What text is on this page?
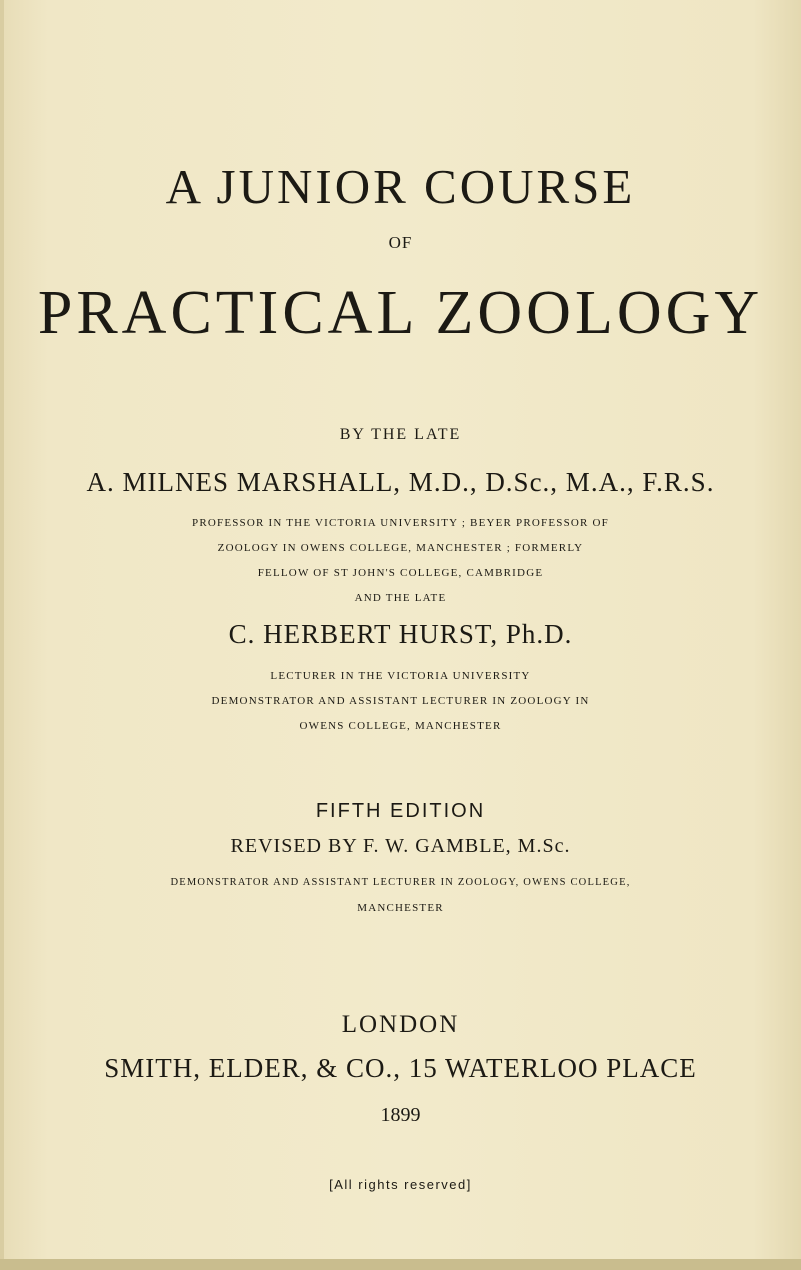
A JUNIOR COURSE
OF
PRACTICAL ZOOLOGY
BY THE LATE
A. MILNES MARSHALL, M.D., D.Sc., M.A., F.R.S.
PROFESSOR IN THE VICTORIA UNIVERSITY ; BEYER PROFESSOR OF
ZOOLOGY IN OWENS COLLEGE, MANCHESTER ; FORMERLY
FELLOW OF ST JOHN'S COLLEGE, CAMBRIDGE
AND THE LATE
C. HERBERT HURST, Ph.D.
LECTURER IN THE VICTORIA UNIVERSITY
DEMONSTRATOR AND ASSISTANT LECTURER IN ZOOLOGY IN
OWENS COLLEGE, MANCHESTER
FIFTH EDITION
REVISED BY F. W. GAMBLE, M.Sc.
DEMONSTRATOR AND ASSISTANT LECTURER IN ZOOLOGY, OWENS COLLEGE,
MANCHESTER
LONDON
SMITH, ELDER, & CO., 15 WATERLOO PLACE
1899
[All rights reserved]
